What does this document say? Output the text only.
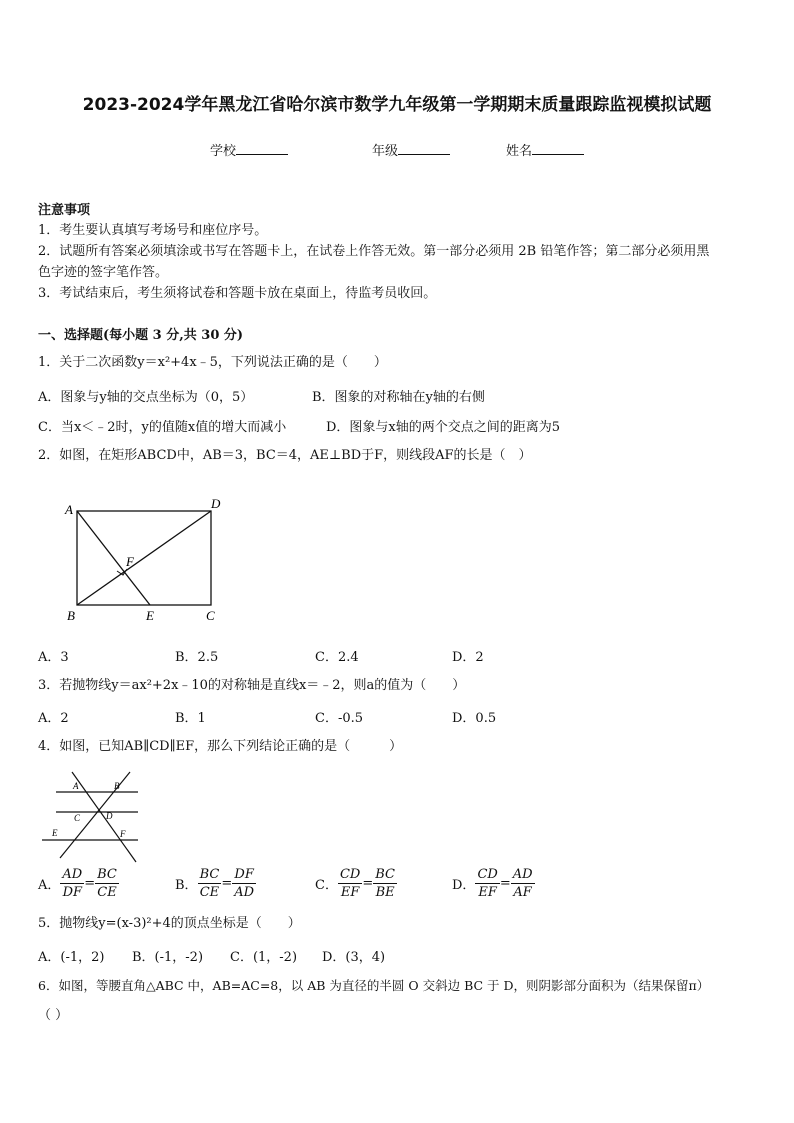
2023-2024学年黑龙江省哈尔滨市数学九年级第一学期期末质量跟踪监视模拟试题
学校	年级	姓名
注意事项
1．考生要认真填写考场号和座位序号。
2．试题所有答案必须填涂或书写在答题卡上，在试卷上作答无效。第一部分必须用 2B 铅笔作答；第二部分必须用黑
色字迹的签字笔作答。
3．考试结束后，考生须将试卷和答题卡放在桌面上，待监考员收回。
一、选择题(每小题 3 分,共 30 分)
1．关于二次函数y＝x²+4x﹣5，下列说法正确的是（　　）
A．图象与y轴的交点坐标为（0，5）	B．图象的对称轴在y轴的右侧
C．当x＜﹣2时，y的值随x值的增大而减小	D．图象与x轴的两个交点之间的距离为5
2．如图，在矩形ABCD中，AB＝3，BC＝4，AE⊥BD于F，则线段AF的长是（　）
A	D
B	C
E
F
A．3	B．2.5	C．2.4	D．2
3．若抛物线y＝ax²+2x﹣10的对称轴是直线x＝﹣2，则a的值为（　　）
A．2	B．1	C．-0.5	D．0.5
4．如图，已知AB∥CD∥EF，那么下列结论正确的是（　　　）
A	B
C	D
E	F
A． $\frac{AD}{DF} = \frac{BC}{CE}$	B． $\frac{BC}{CE} = \frac{DF}{AD}$	C． $\frac{CD}{EF} = \frac{BC}{BE}$	D． $\frac{CD}{EF} = \frac{AD}{AF}$
5．抛物线y=(x-3)²+4的顶点坐标是（　　）
A．(-1，2) B．(-1，-2) C．(1，-2) D．(3，4)
6．如图，等腰直角△ABC 中，AB=AC=8，以 AB 为直径的半圆 O 交斜边 BC 于 D，则阴影部分面积为（结果保留π）
（ ）
